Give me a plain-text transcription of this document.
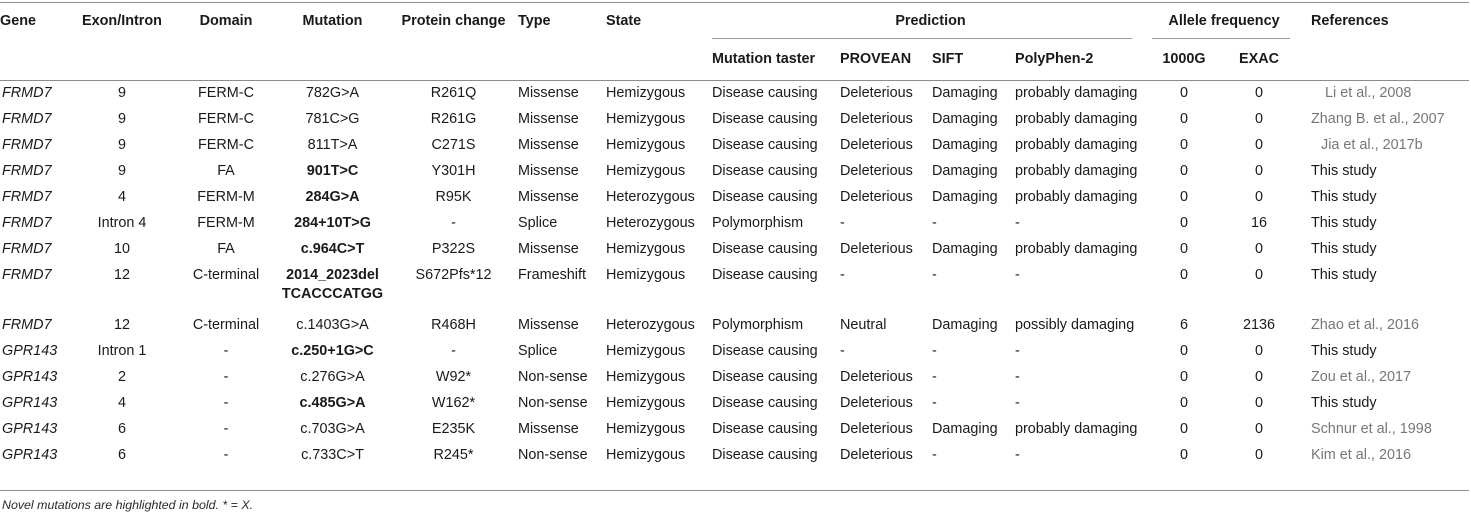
Gene	Exon/Intron	Domain	Mutation	Protein change	Type	State	Prediction				Allele frequency		References
							Mutation taster	PROVEAN	SIFT	PolyPhen-2	1000G	EXAC	
FRMD7	9	FERM-C	782G>A	R261Q	Missense	Hemizygous	Disease causing	Deleterious	Damaging	probably damaging	0	0	Li et al., 2008
FRMD7	9	FERM-C	781C>G	R261G	Missense	Hemizygous	Disease causing	Deleterious	Damaging	probably damaging	0	0	Zhang B. et al., 2007
FRMD7	9	FERM-C	811T>A	C271S	Missense	Hemizygous	Disease causing	Deleterious	Damaging	probably damaging	0	0	Jia et al., 2017b
FRMD7	9	FA	901T>C	Y301H	Missense	Hemizygous	Disease causing	Deleterious	Damaging	probably damaging	0	0	This study
FRMD7	4	FERM-M	284G>A	R95K	Missense	Heterozygous	Disease causing	Deleterious	Damaging	probably damaging	0	0	This study
FRMD7	Intron 4	FERM-M	284+10T>G	-	Splice	Heterozygous	Polymorphism	-	-	-	0	16	This study
FRMD7	10	FA	c.964C>T	P322S	Missense	Hemizygous	Disease causing	Deleterious	Damaging	probably damaging	0	0	This study
FRMD7	12	C-terminal	2014_2023del
TCACCCATGG	S672Pfs*12	Frameshift	Hemizygous	Disease causing	-	-	-	0	0	This study
FRMD7	12	C-terminal	c.1403G>A	R468H	Missense	Heterozygous	Polymorphism	Neutral	Damaging	possibly damaging	6	2136	Zhao et al., 2016
GPR143	Intron 1	-	c.250+1G>C	-	Splice	Hemizygous	Disease causing	-	-	-	0	0	This study
GPR143	2	-	c.276G>A	W92*	Non-sense	Hemizygous	Disease causing	Deleterious	-	-	0	0	Zou et al., 2017
GPR143	4	-	c.485G>A	W162*	Non-sense	Hemizygous	Disease causing	Deleterious	-	-	0	0	This study
GPR143	6	-	c.703G>A	E235K	Missense	Hemizygous	Disease causing	Deleterious	Damaging	probably damaging	0	0	Schnur et al., 1998
GPR143	6	-	c.733C>T	R245*	Non-sense	Hemizygous	Disease causing	Deleterious	-	-	0	0	Kim et al., 2016
Novel mutations are highlighted in bold. * = X.
